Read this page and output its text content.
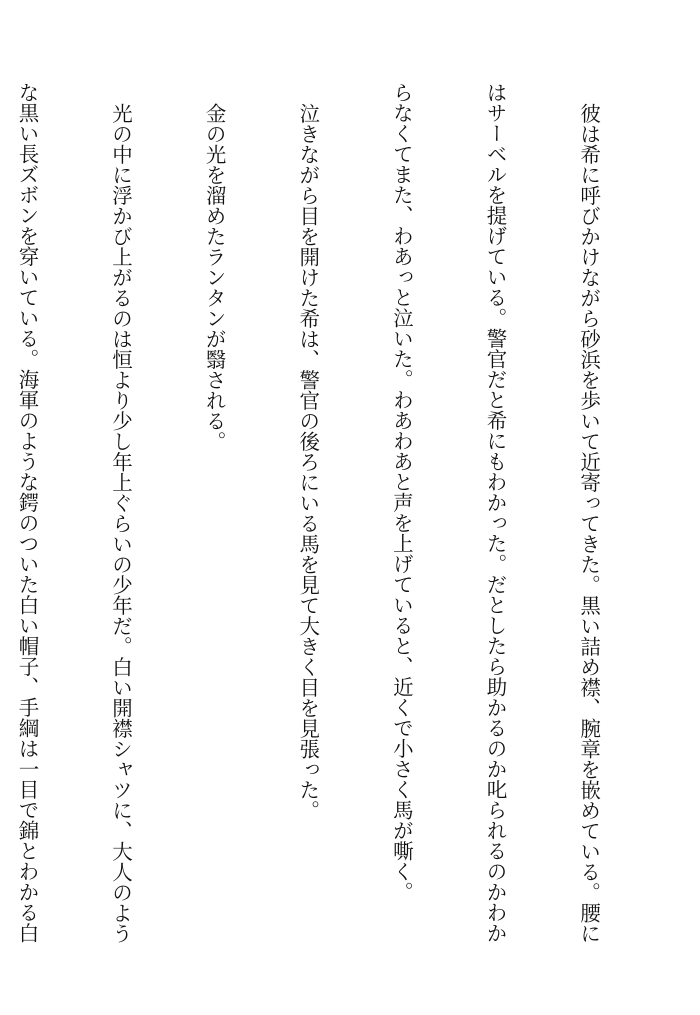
彼は希に呼びかけながら砂浜を歩いて近寄ってきた。黒い詰め襟、腕章を嵌めている。腰に

はサーベルを提げている。警官だと希にもわかった。だとしたら助かるのか叱られるのかわか

らなくてまた、わあっと泣いた。わあわあと声を上げていると、近くで小さく馬が嘶く。

泣きながら目を開けた希は、警官の後ろにいる馬を見て大きく目を見張った。

金の光を溜めたランタンが翳される。

光の中に浮かび上がるのは恒より少し年上ぐらいの少年だ。白い開襟シャツに、大人のよう

な黒い長ズボンを穿いている。海軍のような鍔のついた白い帽子、手綱は一目で錦とわかる白
